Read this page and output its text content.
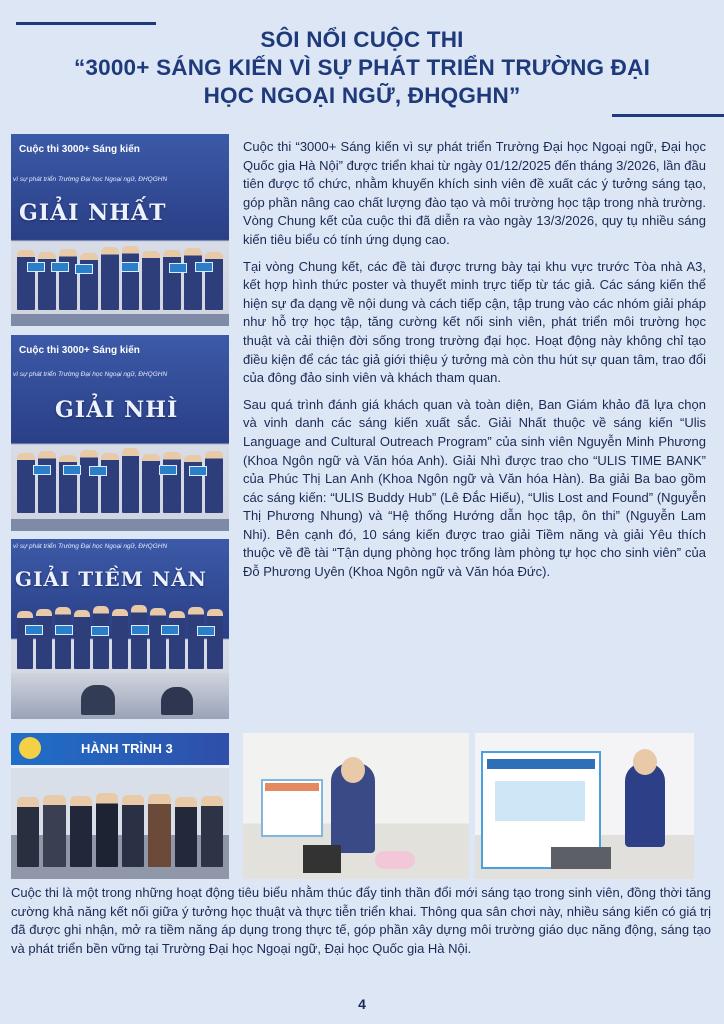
SÔI NỔI CUỘC THI
“3000+ SÁNG KIẾN VÌ SỰ PHÁT TRIỂN TRƯỜNG ĐẠI
HỌC NGOẠI NGỮ, ĐHQGHN”
Cuộc thi 3000+ Sáng kiến
vì sự phát triển Trường Đại học Ngoại ngữ, ĐHQGHN
GIẢI NHẤT
Cuộc thi 3000+ Sáng kiến
vì sự phát triển Trường Đại học Ngoại ngữ, ĐHQGHN
GIẢI NHÌ
vì sự phát triển Trường Đại học Ngoại ngữ, ĐHQGHN
GIẢI TIỀM NĂN

Cuộc thi “3000+ Sáng kiến vì sự phát triển Trường Đại học Ngoại ngữ, Đại học Quốc gia Hà Nội” được triển khai từ ngày 01/12/2025 đến tháng 3/2026, lần đầu tiên được tổ chức, nhằm khuyến khích sinh viên đề xuất các ý tưởng sáng tạo, góp phần nâng cao chất lượng đào tạo và môi trường học tập trong nhà trường. Vòng Chung kết của cuộc thi đã diễn ra vào ngày 13/3/2026, quy tụ nhiều sáng kiến tiêu biểu có tính ứng dụng cao.

Tại vòng Chung kết, các đề tài được trưng bày tại khu vực trước Tòa nhà A3, kết hợp hình thức poster và thuyết minh trực tiếp từ tác giả. Các sáng kiến thể hiện sự đa dạng về nội dung và cách tiếp cận, tập trung vào các nhóm giải pháp như hỗ trợ học tập, tăng cường kết nối sinh viên, phát triển môi trường học thuật và cải thiện đời sống trong trường đại học. Hoạt động này không chỉ tạo điều kiện để các tác giả giới thiệu ý tưởng mà còn thu hút sự quan tâm, trao đổi của đông đảo sinh viên và khách tham quan.

Sau quá trình đánh giá khách quan và toàn diện, Ban Giám khảo đã lựa chọn và vinh danh các sáng kiến xuất sắc. Giải Nhất thuộc về sáng kiến “Ulis Language and Cultural Outreach Program” của sinh viên Nguyễn Minh Phương (Khoa Ngôn ngữ và Văn hóa Anh). Giải Nhì được trao cho “ULIS TIME BANK” của Phúc Thị Lan Anh (Khoa Ngôn ngữ và Văn hóa Hàn). Ba giải Ba bao gồm các sáng kiến: “ULIS Buddy Hub” (Lê Đắc Hiếu), “Ulis Lost and Found” (Nguyễn Thị Phương Nhung) và “Hệ thống Hướng dẫn học tập, ôn thi” (Nguyễn Lam Nhi). Bên cạnh đó, 10 sáng kiến được trao giải Tiềm năng và giải Yêu thích thuộc về đề tài “Tận dụng phòng học trống làm phòng tự học cho sinh viên” của Đỗ Phương Uyên (Khoa Ngôn ngữ và Văn hóa Đức).

HÀNH TRÌNH 3
Cuộc thi là một trong những hoạt động tiêu biểu nhằm thúc đẩy tinh thần đổi mới sáng tạo trong sinh viên, đồng thời tăng cường khả năng kết nối giữa ý tưởng học thuật và thực tiễn triển khai. Thông qua sân chơi này, nhiều sáng kiến có giá trị đã được ghi nhận, mở ra tiềm năng áp dụng trong thực tế, góp phần xây dựng môi trường giáo dục năng động, sáng tạo và phát triển bền vững tại Trường Đại học Ngoại ngữ, Đại học Quốc gia Hà Nội.
4
